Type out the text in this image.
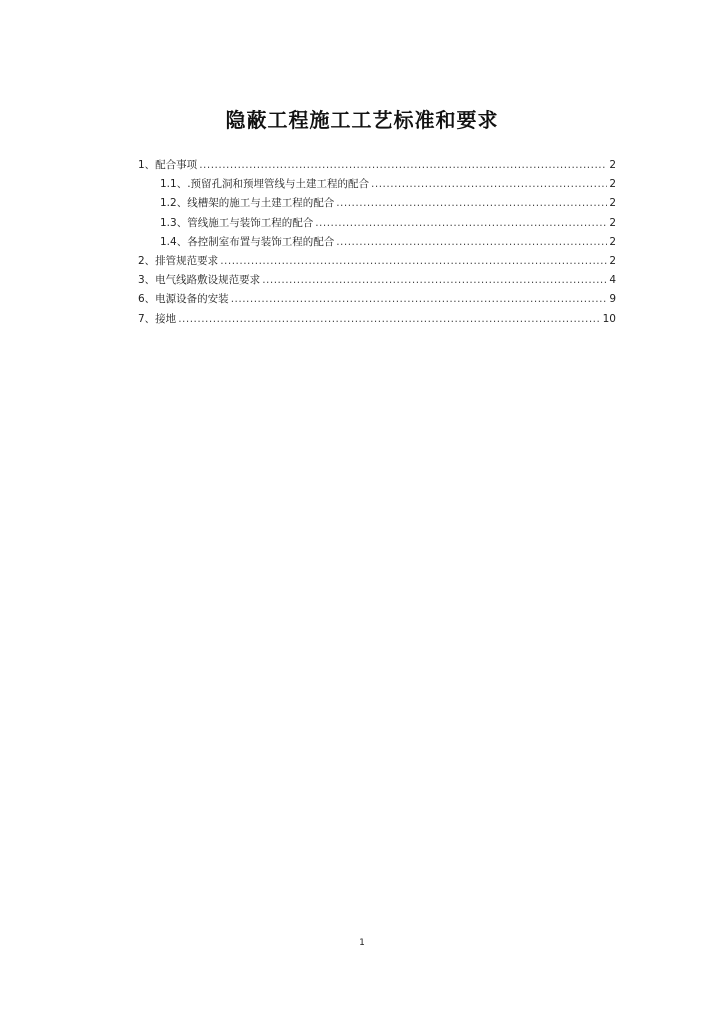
隐蔽工程施工工艺标准和要求
1、配合事项 .....	2
1.1、.预留孔洞和预埋管线与土建工程的配合 .....	2
1.2、线槽架的施工与土建工程的配合 .....	2
1.3、管线施工与装饰工程的配合 .....	2
1.4、各控制室布置与装饰工程的配合 .....	2
2、排管规范要求 .....	2
3、电气线路敷设规范要求 .....	4
6、电源设备的安装 .....	9
7、接地 .....	10
1
